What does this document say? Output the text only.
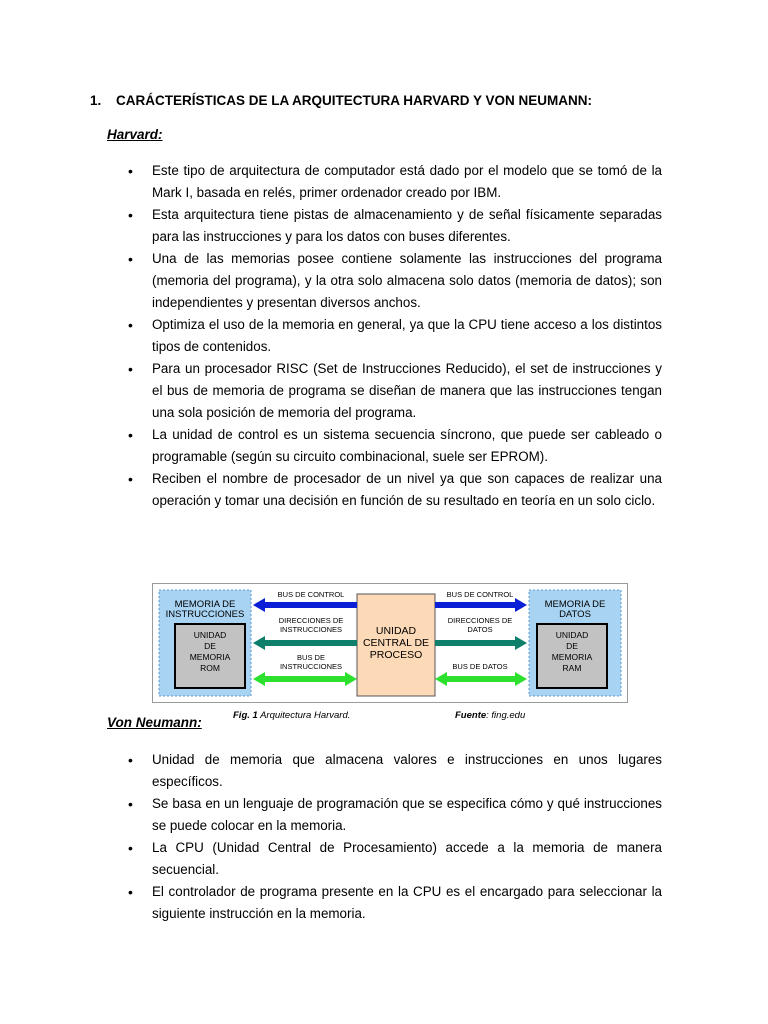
1. CARÁCTERÍSTICAS DE LA ARQUITECTURA HARVARD Y VON NEUMANN:
Harvard:
• Este tipo de arquitectura de computador está dado por el modelo que se tomó de la Mark I, basada en relés, primer ordenador creado por IBM.
• Esta arquitectura tiene pistas de almacenamiento y de señal físicamente separadas para las instrucciones y para los datos con buses diferentes.
• Una de las memorias posee contiene solamente las instrucciones del programa (memoria del programa), y la otra solo almacena solo datos (memoria de datos); son independientes y presentan diversos anchos.
• Optimiza el uso de la memoria en general, ya que la CPU tiene acceso a los distintos tipos de contenidos.
• Para un procesador RISC (Set de Instrucciones Reducido), el set de instrucciones y el bus de memoria de programa se diseñan de manera que las instrucciones tengan una sola posición de memoria del programa.
• La unidad de control es un sistema secuencia síncrono, que puede ser cableado o programable (según su circuito combinacional, suele ser EPROM).
• Reciben el nombre de procesador de un nivel ya que son capaces de realizar una operación y tomar una decisión en función de su resultado en teoría en un solo ciclo.
MEMORIA DE
INSTRUCCIONES
UNIDAD
DE
MEMORIA
ROM
MEMORIA DE
DATOS
UNIDAD
DE
MEMORIA
RAM
UNIDAD
CENTRAL DE
PROCESO
BUS DE CONTROL
DIRECCIONES DE
INSTRUCCIONES
BUS DE
INSTRUCCIONES
BUS DE CONTROL
DIRECCIONES DE
DATOS
BUS DE DATOS
Fig. 1 Arquitectura Harvard.	Fuente: fing.edu
Von Neumann:
• Unidad de memoria que almacena valores e instrucciones en unos lugares específicos.
• Se basa en un lenguaje de programación que se especifica cómo y qué instrucciones se puede colocar en la memoria.
• La CPU (Unidad Central de Procesamiento) accede a la memoria de manera secuencial.
• El controlador de programa presente en la CPU es el encargado para seleccionar la siguiente instrucción en la memoria.
